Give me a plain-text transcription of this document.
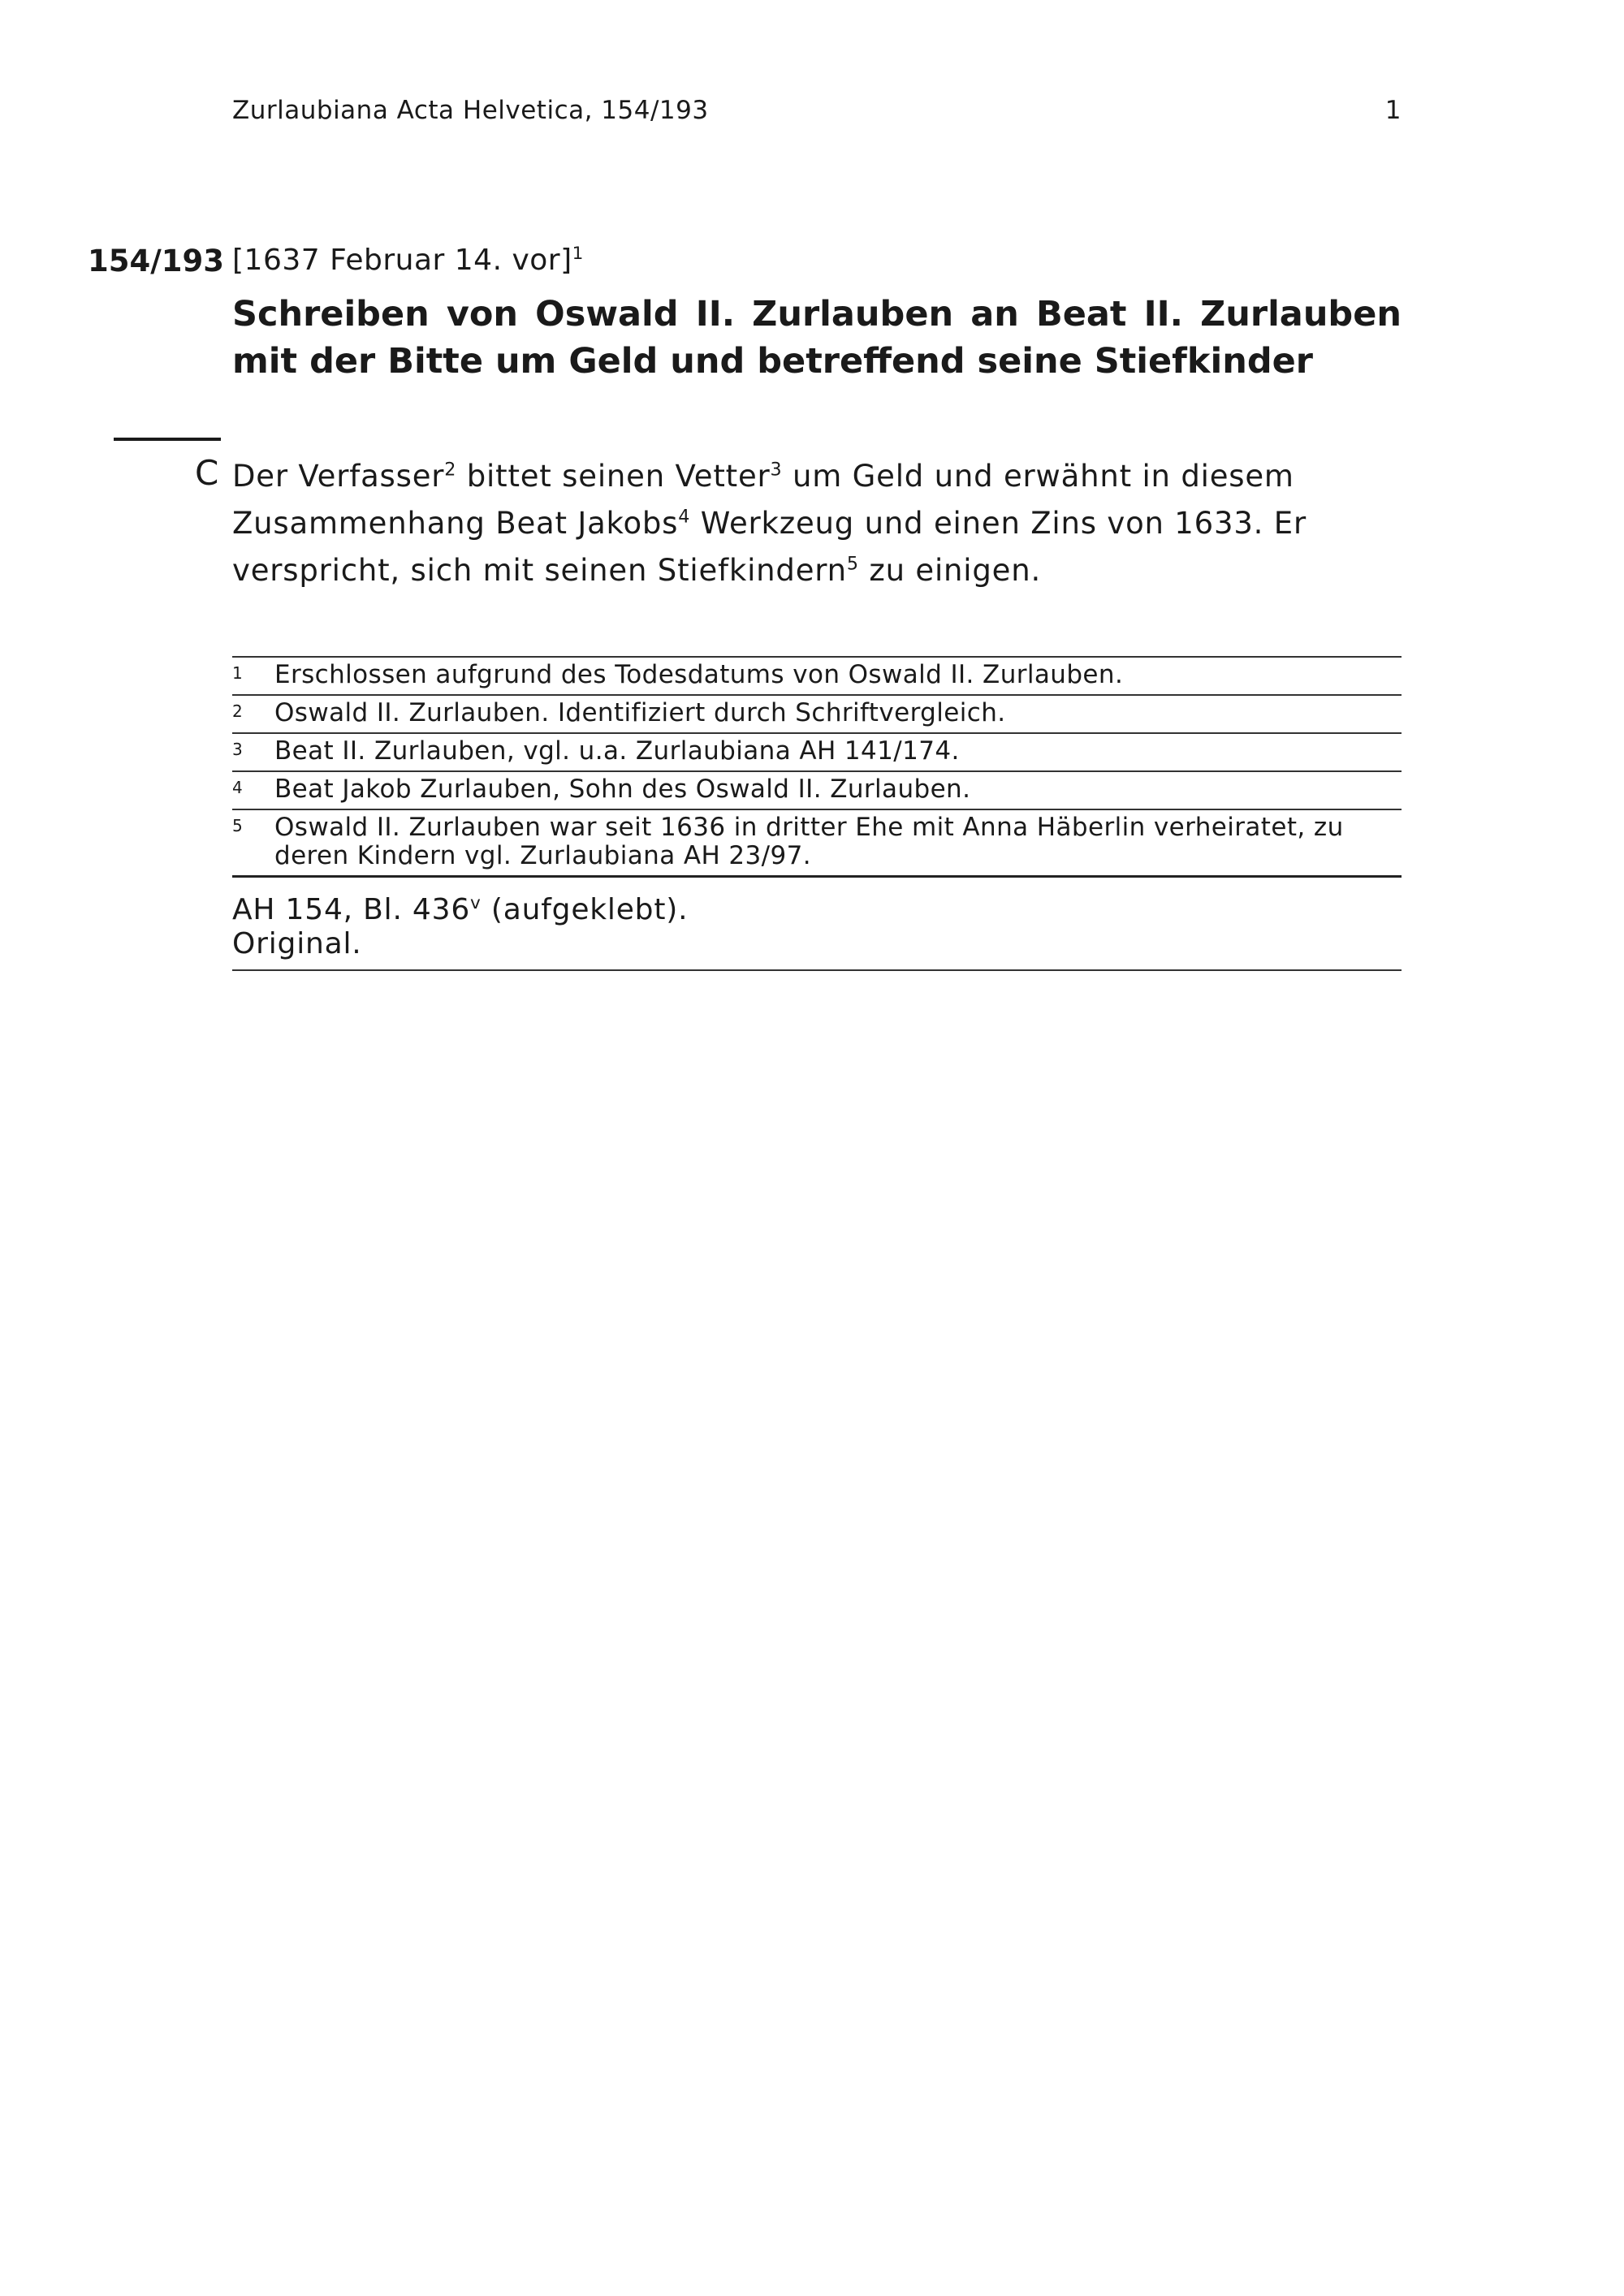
Zurlaubiana Acta Helvetica, 154/193	1
154/193 [1637 Februar 14. vor]$^1$
Schreiben von Oswald II. Zurlauben an Beat II. Zurlauben mit der Bitte um Geld und betreffend seine Stiefkinder
C Der Verfasser$^2$ bittet seinen Vetter$^3$ um Geld und erwähnt in diesem Zusammenhang Beat Jakobs$^4$ Werkzeug und einen Zins von 1633. Er verspricht, sich mit seinen Stiefkindern$^5$ zu einigen.

1 Erschlossen aufgrund des Todesdatums von Oswald II. Zurlauben.
2 Oswald II. Zurlauben. Identifiziert durch Schriftvergleich.
3 Beat II. Zurlauben, vgl. u.a. Zurlaubiana AH 141/174.
4 Beat Jakob Zurlauben, Sohn des Oswald II. Zurlauben.
5 Oswald II. Zurlauben war seit 1636 in dritter Ehe mit Anna Häberlin verheiratet, zu deren Kindern vgl. Zurlaubiana AH 23/97.
AH 154, Bl. 436$^v$ (aufgeklebt).
Original.
